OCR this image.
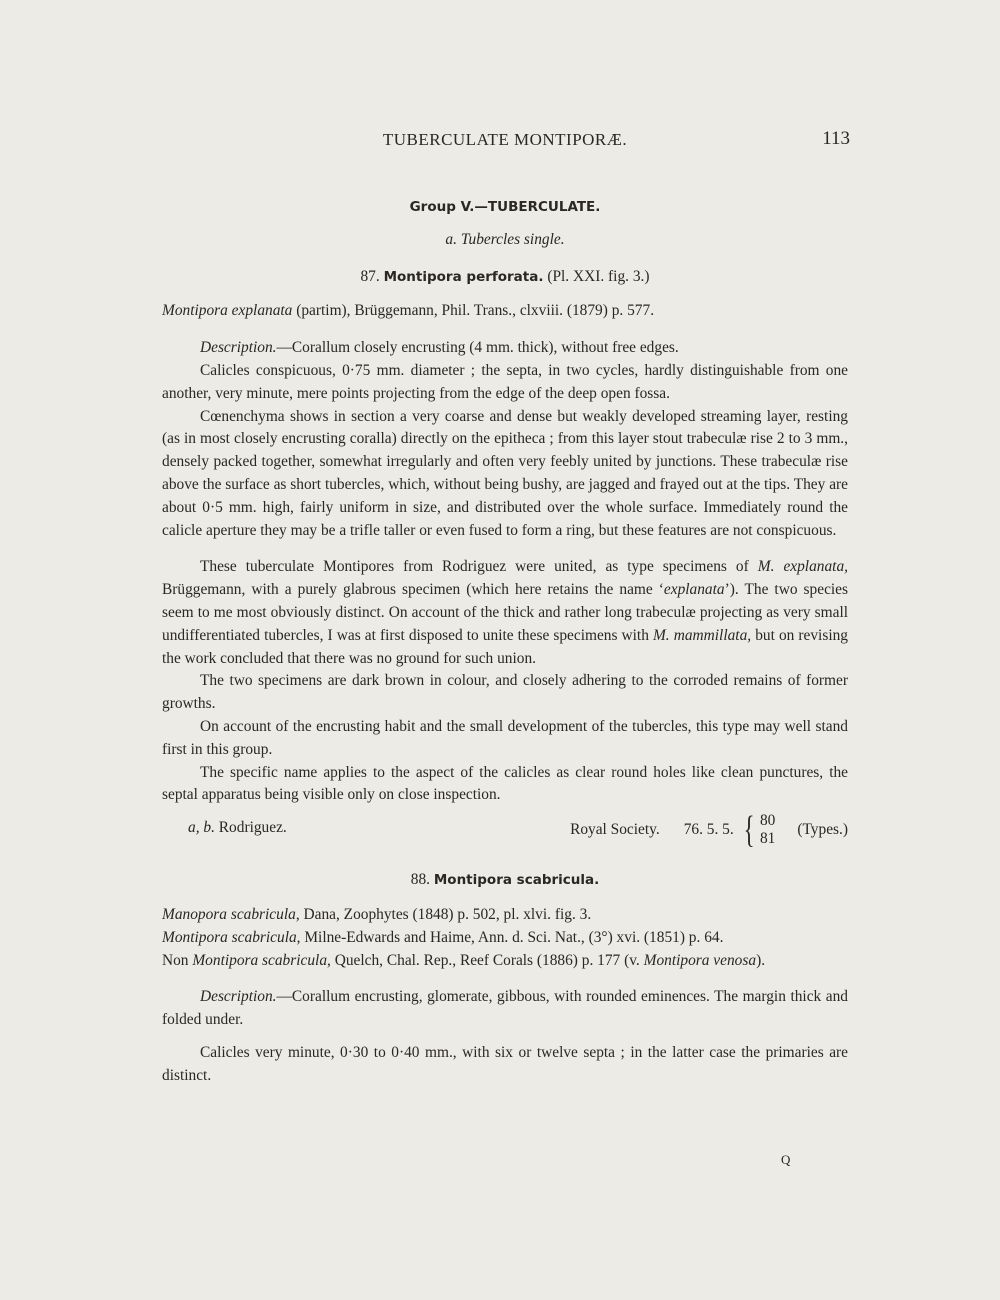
TUBERCULATE MONTIPORÆ.	113
Group V.—TUBERCULATE.
a. Tubercles single.
87. Montipora perforata. (Pl. XXI. fig. 3.)

Montipora explanata (partim), Brüggemann, Phil. Trans., clxviii. (1879) p. 577.

Description.—Corallum closely encrusting (4 mm. thick), without free edges.

Calicles conspicuous, 0·75 mm. diameter ; the septa, in two cycles, hardly distinguishable from one another, very minute, mere points projecting from the edge of the deep open fossa.

Cœnenchyma shows in section a very coarse and dense but weakly developed streaming layer, resting (as in most closely encrusting coralla) directly on the epitheca ; from this layer stout trabeculæ rise 2 to 3 mm., densely packed together, somewhat irregularly and often very feebly united by junctions. These trabeculæ rise above the surface as short tubercles, which, without being bushy, are jagged and frayed out at the tips. They are about 0·5 mm. high, fairly uniform in size, and distributed over the whole surface. Immediately round the calicle aperture they may be a trifle taller or even fused to form a ring, but these features are not conspicuous.

These tuberculate Montipores from Rodriguez were united, as type specimens of M. explanata, Brüggemann, with a purely glabrous specimen (which here retains the name ‘explanata’). The two species seem to me most obviously distinct. On account of the thick and rather long trabeculæ projecting as very small undifferentiated tubercles, I was at first disposed to unite these specimens with M. mammillata, but on revising the work concluded that there was no ground for such union.

The two specimens are dark brown in colour, and closely adhering to the corroded remains of former growths.

On account of the encrusting habit and the small development of the tubercles, this type may well stand first in this group.

The specific name applies to the aspect of the calicles as clear round holes like clean punctures, the septal apparatus being visible only on close inspection.

a, b. Rodriguez.	Royal Society. 76. 5. 5. { 80
81
(Types.)
88. Montipora scabricula.

Manopora scabricula, Dana, Zoophytes (1848) p. 502, pl. xlvi. fig. 3.

Montipora scabricula, Milne-Edwards and Haime, Ann. d. Sci. Nat., (3°) xvi. (1851) p. 64.

Non Montipora scabricula, Quelch, Chal. Rep., Reef Corals (1886) p. 177 (v. Montipora venosa).

Description.—Corallum encrusting, glomerate, gibbous, with rounded eminences. The margin thick and folded under.

Calicles very minute, 0·30 to 0·40 mm., with six or twelve septa ; in the latter case the primaries are distinct.

Q
